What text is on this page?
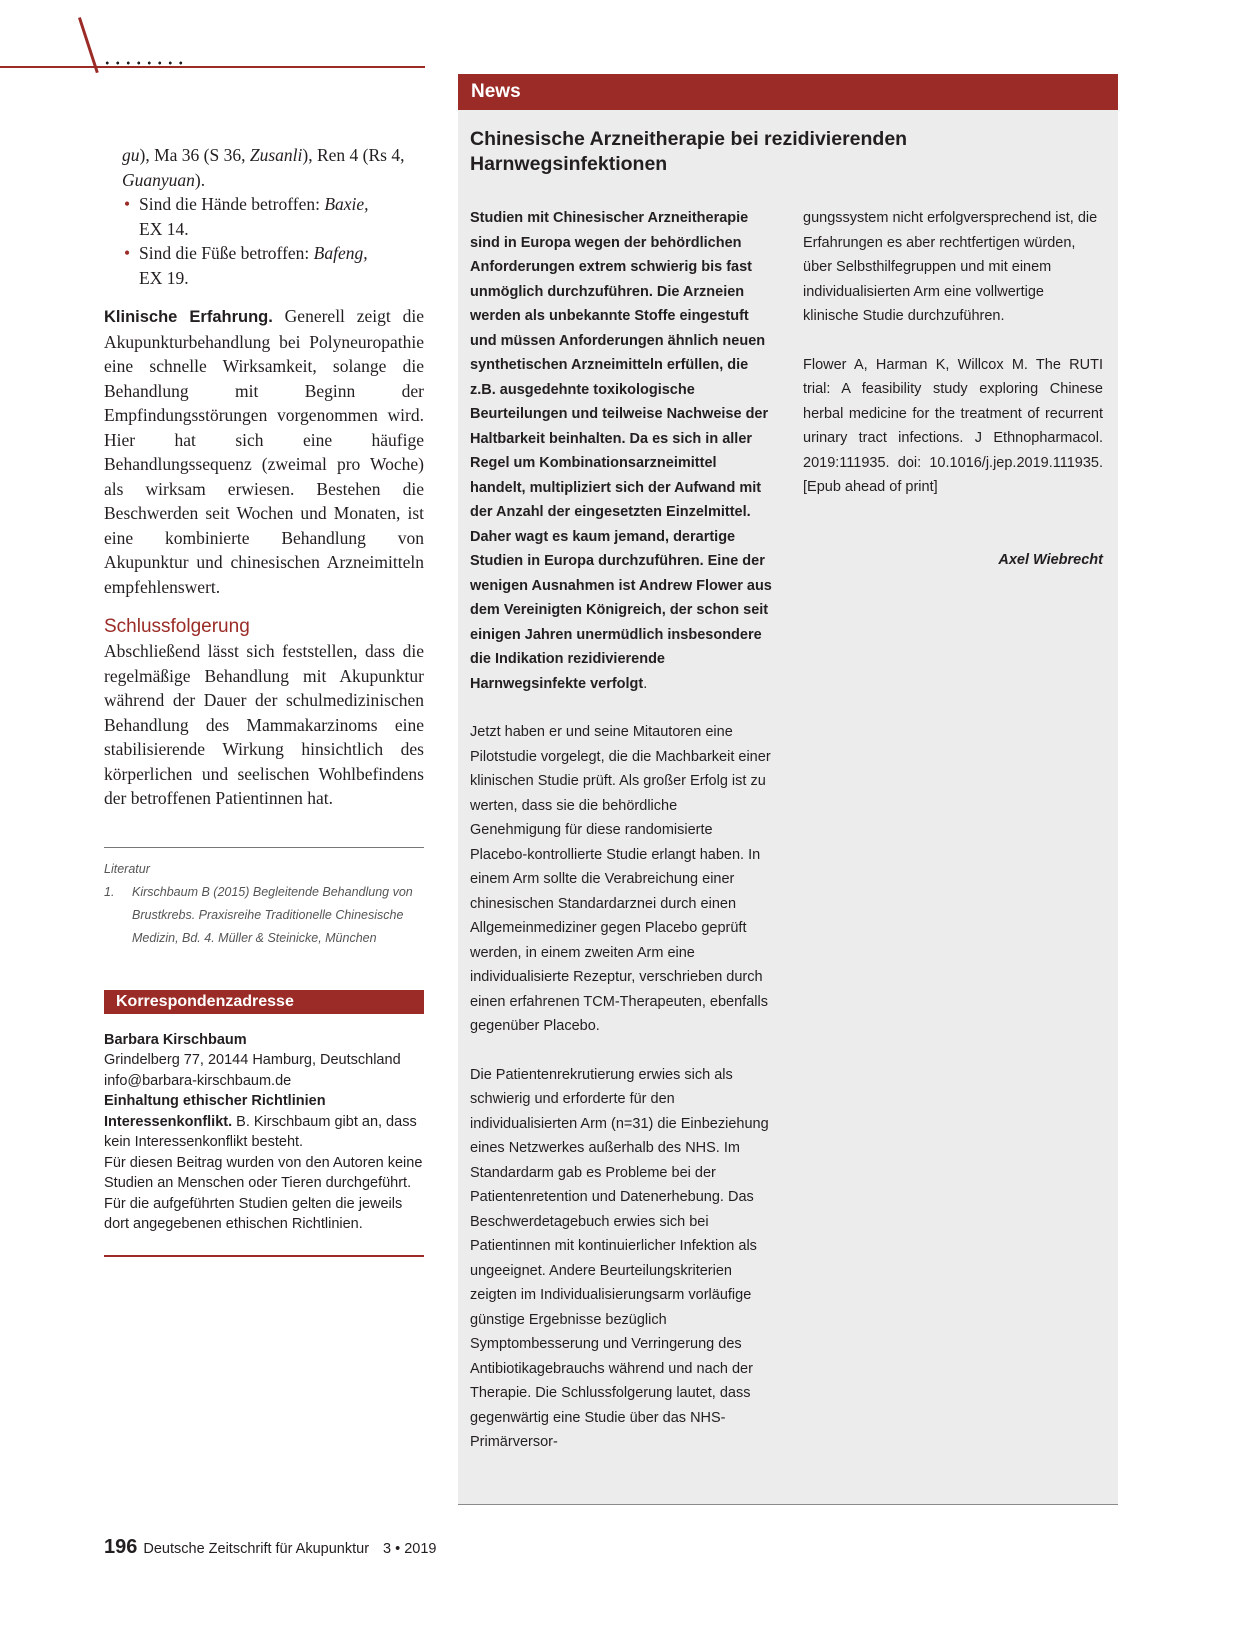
gu), Ma 36 (S 36, Zusanli), Ren 4 (Rs 4,
Guanyuan).
• Sind die Hände betroffen: Baxie,
EX 14.
• Sind die Füße betroffen: Bafeng,
EX 19.

Klinische Erfahrung. Generell zeigt die Akupunkturbehandlung bei Polyneuropathie eine schnelle Wirksamkeit, solange die Behandlung mit Beginn der Empfindungsstörungen vorgenommen wird. Hier hat sich eine häufige Behandlungssequenz (zweimal pro Woche) als wirksam erwiesen. Bestehen die Beschwerden seit Wochen und Monaten, ist eine kombinierte Behandlung von Akupunktur und chinesischen Arzneimitteln empfehlenswert.

Schlussfolgerung

Abschließend lässt sich feststellen, dass die regelmäßige Behandlung mit Akupunktur während der Dauer der schulmedizinischen Behandlung des Mammakarzinoms eine stabilisierende Wirkung hinsichtlich des körperlichen und seelischen Wohlbefindens der betroffenen Patientinnen hat.

Literatur
1. Kirschbaum B (2015) Begleitende Behandlung von Brustkrebs. Praxisreihe Traditionelle Chinesische Medizin, Bd. 4. Müller & Steinicke, München
Korrespondenzadresse

Barbara Kirschbaum

Grindelberg 77, 20144 Hamburg, Deutschland

info@barbara-kirschbaum.de

Einhaltung ethischer Richtlinien

Interessenkonflikt. B. Kirschbaum gibt an, dass kein Interessenkonflikt besteht.

Für diesen Beitrag wurden von den Autoren keine Studien an Menschen oder Tieren durchgeführt. Für die aufgeführten Studien gelten die jeweils dort angegebenen ethischen Richtlinien.

News
Chinesische Arzneitherapie bei rezidivierenden Harnwegsinfektionen

Studien mit Chinesischer Arzneitherapie sind in Europa wegen der behördlichen Anforderungen extrem schwierig bis fast unmöglich durchzuführen. Die Arzneien werden als unbekannte Stoffe eingestuft und müssen Anforderungen ähnlich neuen synthetischen Arzneimitteln erfüllen, die z.B. ausgedehnte toxikologische Beurteilungen und teilweise Nachweise der Haltbarkeit beinhalten. Da es sich in aller Regel um Kombinationsarzneimittel handelt, multipliziert sich der Aufwand mit der Anzahl der eingesetzten Einzelmittel. Daher wagt es kaum jemand, derartige Studien in Europa durchzuführen. Eine der wenigen Ausnahmen ist Andrew Flower aus dem Vereinigten Königreich, der schon seit einigen Jahren unermüdlich insbesondere die Indikation rezidivierende Harnwegsinfekte verfolgt.

Jetzt haben er und seine Mitautoren eine Pilotstudie vorgelegt, die die Machbarkeit einer klinischen Studie prüft. Als großer Erfolg ist zu werten, dass sie die behördliche Genehmigung für diese randomisierte Placebo-kontrollierte Studie erlangt haben. In einem Arm sollte die Verabreichung einer chinesischen Standardarznei durch einen Allgemeinmediziner gegen Placebo geprüft werden, in einem zweiten Arm eine individualisierte Rezeptur, verschrieben durch einen erfahrenen TCM-Therapeuten, ebenfalls gegenüber Placebo.

Die Patientenrekrutierung erwies sich als schwierig und erforderte für den individualisierten Arm (n=31) die Einbeziehung eines Netzwerkes außerhalb des NHS. Im Standardarm gab es Probleme bei der Patientenretention und Datenerhebung. Das Beschwerdetagebuch erwies sich bei Patientinnen mit kontinuierlicher Infektion als ungeeignet. Andere Beurteilungskriterien zeigten im Individualisierungsarm vorläufige günstige Ergebnisse bezüglich Symptombesserung und Verringerung des Antibiotikagebrauchs während und nach der Therapie. Die Schlussfolgerung lautet, dass gegenwärtig eine Studie über das NHS-Primärversor-

gungssystem nicht erfolgversprechend ist, die Erfahrungen es aber rechtfertigen würden, über Selbsthilfegruppen und mit einem individualisierten Arm eine vollwertige klinische Studie durchzuführen.

Flower A, Harman K, Willcox M. The RUTI trial: A feasibility study exploring Chinese herbal medicine for the treatment of recurrent urinary tract infections. J Ethnopharmacol. 2019:111935. doi: 10.1016/j.jep.2019.111935. [Epub ahead of print]

Axel Wiebrecht
196 Deutsche Zeitschrift für Akupunktur 3 • 2019
